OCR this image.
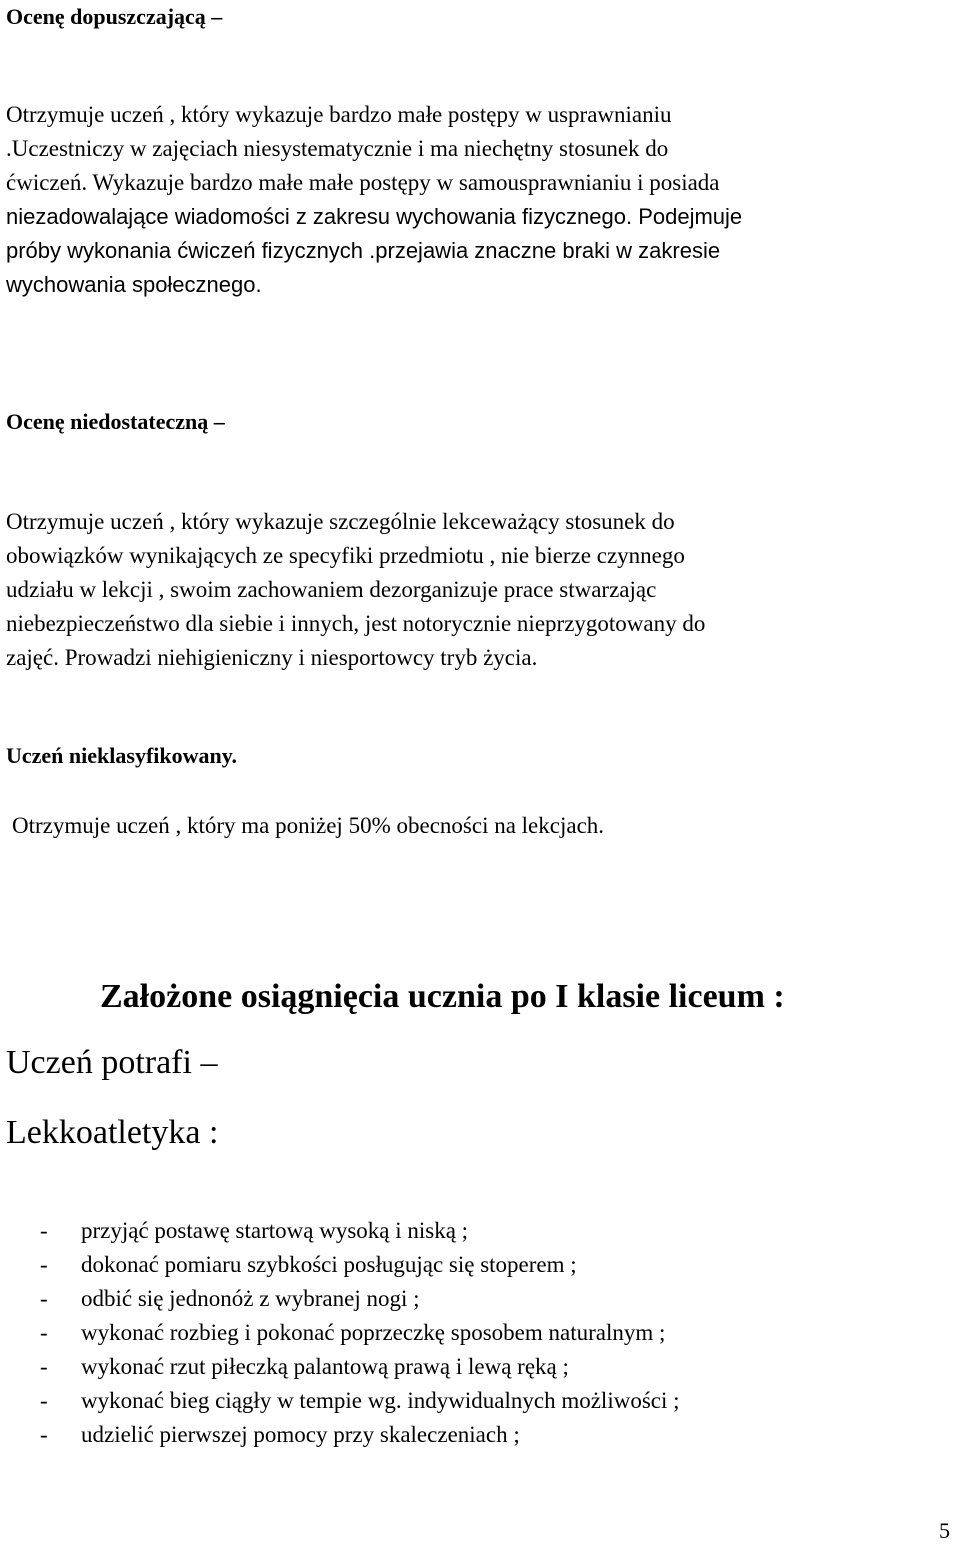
Ocenę dopuszczającą –
Otrzymuje uczeń , który wykazuje bardzo małe postępy w usprawnianiu
.Uczestniczy w zajęciach niesystematycznie i ma niechętny stosunek do
ćwiczeń. Wykazuje bardzo małe małe postępy w samousprawnianiu i posiada
niezadowalające wiadomości z zakresu wychowania fizycznego. Podejmuje
próby wykonania ćwiczeń fizycznych .przejawia znaczne braki w zakresie
wychowania społecznego.
Ocenę niedostateczną –
Otrzymuje uczeń , który wykazuje szczególnie lekceważący stosunek do
obowiązków wynikających ze specyfiki przedmiotu , nie bierze czynnego
udziału w lekcji , swoim zachowaniem dezorganizuje prace stwarzając
niebezpieczeństwo dla siebie i innych, jest notorycznie nieprzygotowany do
zajęć. Prowadzi niehigieniczny i niesportowcy tryb życia.
Uczeń nieklasyfikowany.

Otrzymuje uczeń , który ma poniżej 50% obecności na lekcjach.

Założone osiągnięcia ucznia po I klasie liceum :
Uczeń potrafi –
Lekkoatletyka :
- przyjąć postawę startową wysoką i niską ;
- dokonać pomiaru szybkości posługując się stoperem ;
- odbić się jednonóż z wybranej nogi ;
- wykonać rozbieg i pokonać poprzeczkę sposobem naturalnym ;
- wykonać rzut piłeczką palantową prawą i lewą ręką ;
- wykonać bieg ciągły w tempie wg. indywidualnych możliwości ;
- udzielić pierwszej pomocy przy skaleczeniach ;
5
